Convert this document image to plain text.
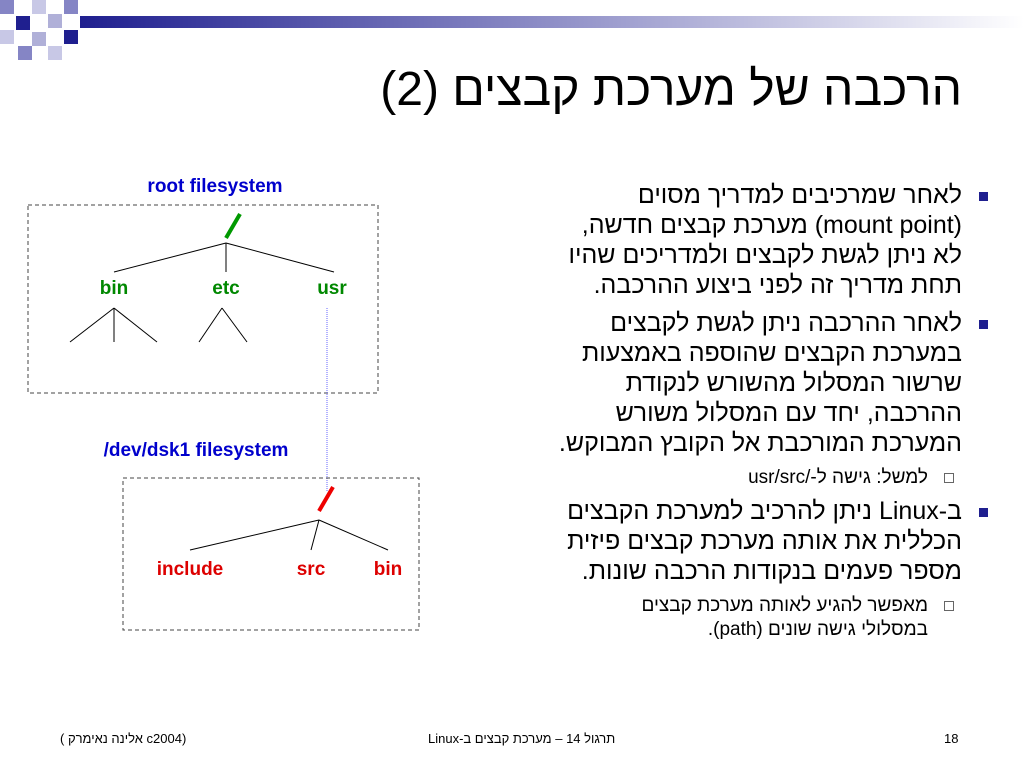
הרכבה של מערכת קבצים (2)
root filesystem
bin	etc	usr
/dev/dsk1 filesystem
include	src	bin
לאחר שמרכיבים למדריך מסוים
(mount point) מערכת קבצים חדשה,
לא ניתן לגשת לקבצים ולמדריכים שהיו
תחת מדריך זה לפני ביצוע ההרכבה.
לאחר ההרכבה ניתן לגשת לקבצים
במערכת הקבצים שהוספה באמצעות
שרשור המסלול מהשורש לנקודת
ההרכבה, יחד עם המסלול משורש
המערכת המורכבת אל הקובץ המבוקש.
למשל: גישה ל-/usr/src
ב-Linux ניתן להרכיב למערכת הקבצים
הכללית את אותה מערכת קבצים פיזית
מספר פעמים בנקודות הרכבה שונות.
מאפשר להגיע לאותה מערכת קבצים
במסלולי גישה שונים (path).
(c2004 אלינה נאימרק )	תרגול 14 – מערכת קבצים ב-Linux	18
